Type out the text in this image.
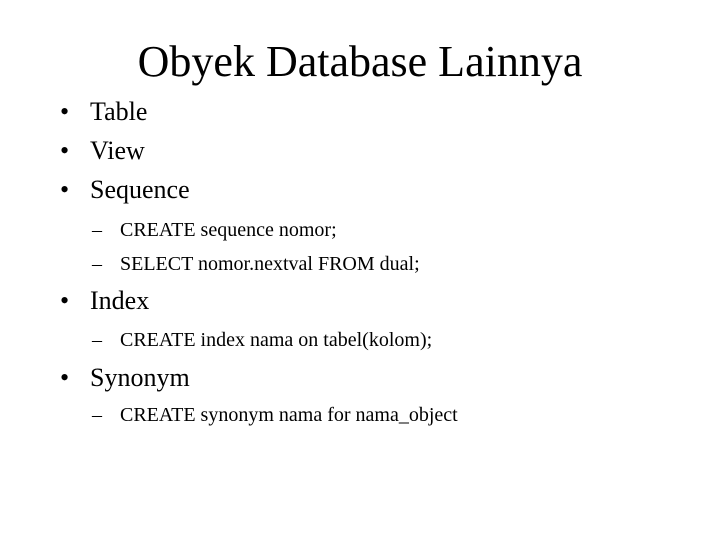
Obyek Database Lainnya
• Table
• View
• Sequence
– CREATE sequence nomor;
– SELECT nomor.nextval FROM dual;
• Index
– CREATE index nama on tabel(kolom);
• Synonym
– CREATE synonym nama for nama_object
